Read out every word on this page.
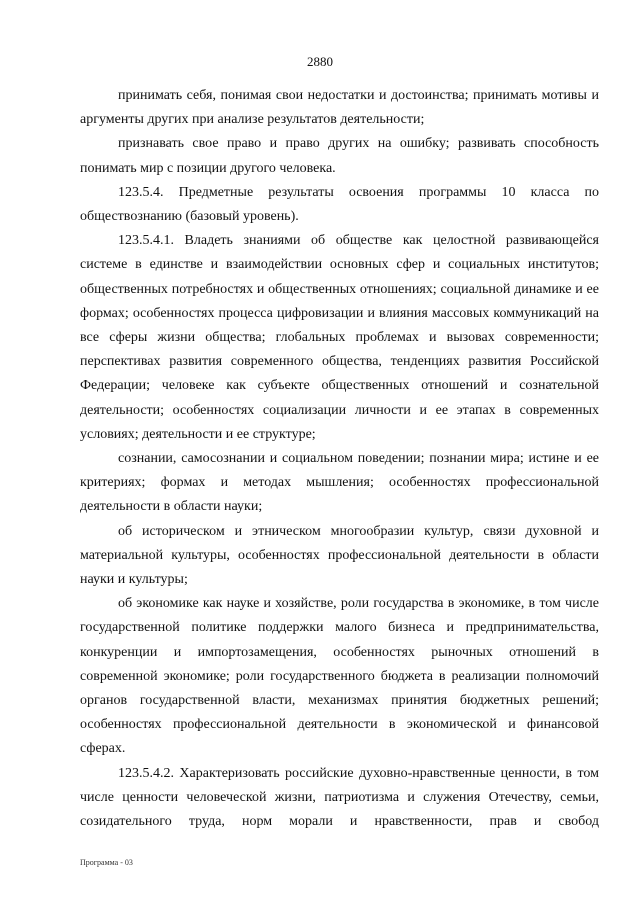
2880

принимать себя, понимая свои недостатки и достоинства; принимать мотивы и аргументы других при анализе результатов деятельности;

признавать свое право и право других на ошибку; развивать способность понимать мир с позиции другого человека.

123.5.4. Предметные результаты освоения программы 10 класса по обществознанию (базовый уровень).

123.5.4.1. Владеть знаниями об обществе как целостной развивающейся системе в единстве и взаимодействии основных сфер и социальных институтов; общественных потребностях и общественных отношениях; социальной динамике и ее формах; особенностях процесса цифровизации и влияния массовых коммуникаций на все сферы жизни общества; глобальных проблемах и вызовах современности; перспективах развития современного общества, тенденциях развития Российской Федерации; человеке как субъекте общественных отношений и сознательной деятельности; особенностях социализации личности и ее этапах в современных условиях; деятельности и ее структуре;

сознании, самосознании и социальном поведении; познании мира; истине и ее критериях; формах и методах мышления; особенностях профессиональной деятельности в области науки;

об историческом и этническом многообразии культур, связи духовной и материальной культуры, особенностях профессиональной деятельности в области науки и культуры;

об экономике как науке и хозяйстве, роли государства в экономике, в том числе государственной политике поддержки малого бизнеса и предпринимательства, конкуренции и импортозамещения, особенностях рыночных отношений в современной экономике; роли государственного бюджета в реализации полномочий органов государственной власти, механизмах принятия бюджетных решений; особенностях профессиональной деятельности в экономической и финансовой сферах.

123.5.4.2. Характеризовать российские духовно-нравственные ценности, в том числе ценности человеческой жизни, патриотизма и служения Отечеству, семьи, созидательного труда, норм морали и нравственности, прав и свобод

Программа - 03
